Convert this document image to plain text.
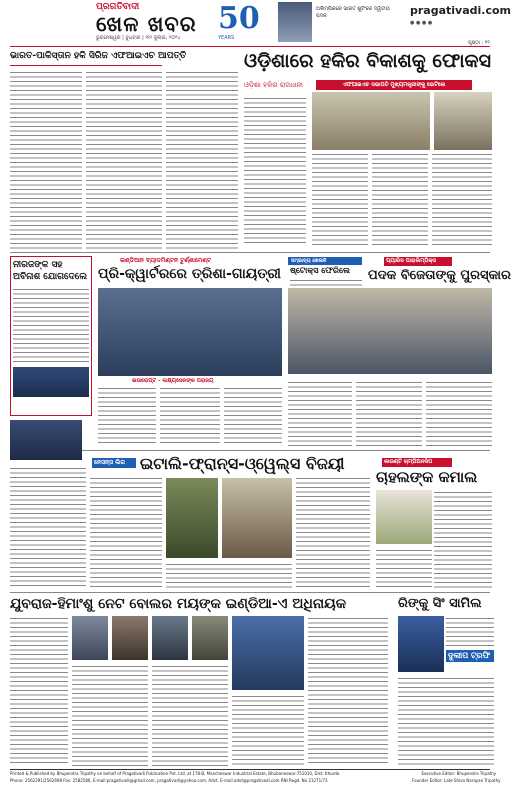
ପ୍ରଗତିବାଦୀ
ଖେଳ ଖବର
ଭୁବନେଶ୍ୱର | ବୁଧବାର | ୩୧ ଜୁଲାଇ, ୨୦୨୪
50
YEARS
ଅଲିମ୍ପିକରେ ଭାରତ ଶୁଟିଂରେ ଦ୍ୱିତୀୟ ପଦକ	pragativadi.com
● ● ● ●
ପୃଷ୍ଠା : ୧୨
ଭାରତ-ପାକିସ୍ତାନ ହକି ସିରିଜ ଏଫଆଇଏଚ ଆପତ୍ତି	ଓଡ଼ିଶାରେ ହକିର ବିକାଶକୁ ଫୋକସ
ଓଡ଼ିଶା ହକିର ରାଜଧାନୀ	ଏଫଆଇଏଚ ସଭାପତି ମୁଖ୍ୟମନ୍ତ୍ରୀଙ୍କୁ ଭେଟିଲେ
ନୀରଜଙ୍କ ସହ ଅବିନାଶ ଯୋଗଦେଲେ
ଇଣ୍ଡିଆନ ବ୍ୟାଡମିଣ୍ଟନ ଟୁର୍ଣ୍ଣାମେଣ୍ଟ
ପ୍ରି-କ୍ୱାର୍ଟରରେ ତ୍ରିଶା-ଗାୟତ୍ରୀ
ଇଉରୋପ୍ଟ - ଲକ୍ଷ୍ୟସେନଙ୍କ ପରାଜୟ
ସମ୍ଭାବ୍ୟ ଖେଳାଳି
ଷ୍ଟୋକ୍ସ ଫେରିଲେ
ପ୍ୟାରିସ ପାରାଲିମ୍ପିକ୍ସ
ପଦକ ବିଜେତାଙ୍କୁ ପୁରସ୍କାର
ନେସନ୍ସ ଲିଗ ଇଟାଲି-ଫ୍ରାନ୍ସ-ଓ୍ୱେଲ୍ସ ବିଜୟୀ	କାଉଣ୍ଟି ଚାମ୍ପିଅନସିପ
ଚାହଲଙ୍କ କମାଲ
ଯୁବରାଜ-ହିମାଂଶୁ ନେଟ ବୋଲର ମୟଙ୍କ ଇଣ୍ଡିଆ-ଏ ଅଧିନାୟକ	ରିଙ୍କୁ ସିଂ ସାମିଲ
ଦୁଲୀପ ଟ୍ରଫି
Printed & Published by Bhupendra Tripathy on behalf of Pragativadi Publication Pvt. Ltd. at 178-B, Mancheswar Industrial Estate, Bhubaneswar-751010, Dist: Khurda
Phone: 2562291/2562698 Fax: 2582586, E-mail:pragativadi@gmail.com, pragativadi@yahoo.com, Advt. E-mail:advt@pragativadi.com RNI Regd. No 21271/73
Executive Editor: Bhupendra Tripathy
Founder Editor: Late Shiva Narayan Tripathy
